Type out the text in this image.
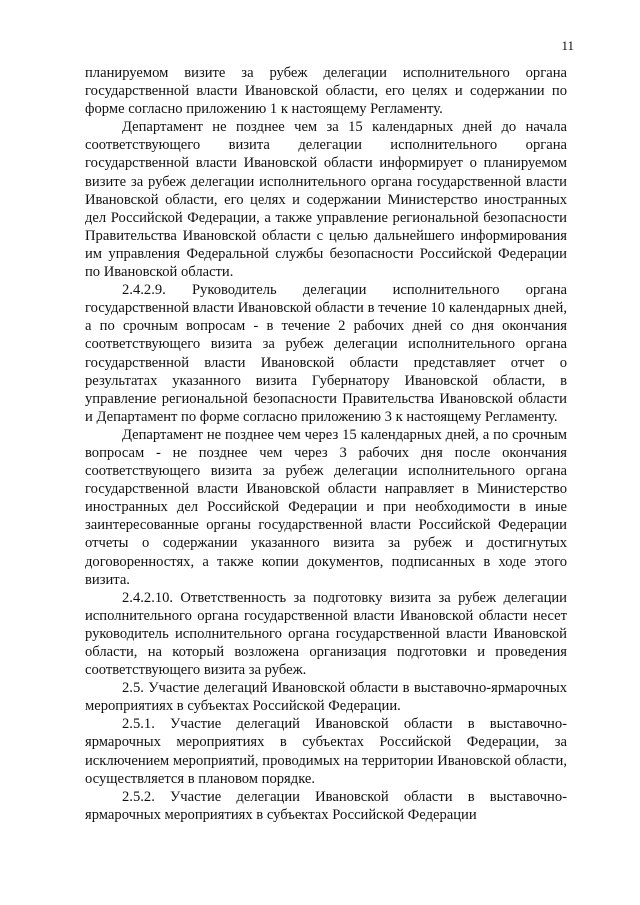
11

планируемом визите за рубеж делегации исполнительного органа государственной власти Ивановской области, его целях и содержании по форме согласно приложению 1 к настоящему Регламенту.

Департамент не позднее чем за 15 календарных дней до начала соответствующего визита делегации исполнительного органа государственной власти Ивановской области информирует о планируемом визите за рубеж делегации исполнительного органа государственной власти Ивановской области, его целях и содержании Министерство иностранных дел Российской Федерации, а также управление региональной безопасности Правительства Ивановской области с целью дальнейшего информирования им управления Федеральной службы безопасности Российской Федерации по Ивановской области.

2.4.2.9. Руководитель делегации исполнительного органа государственной власти Ивановской области в течение 10 календарных дней, а по срочным вопросам - в течение 2 рабочих дней со дня окончания соответствующего визита за рубеж делегации исполнительного органа государственной власти Ивановской области представляет отчет о результатах указанного визита Губернатору Ивановской области, в управление региональной безопасности Правительства Ивановской области и Департамент по форме согласно приложению 3 к настоящему Регламенту.

Департамент не позднее чем через 15 календарных дней, а по срочным вопросам - не позднее чем через 3 рабочих дня после окончания соответствующего визита за рубеж делегации исполнительного органа государственной власти Ивановской области направляет в Министерство иностранных дел Российской Федерации и при необходимости в иные заинтересованные органы государственной власти Российской Федерации отчеты о содержании указанного визита за рубеж и достигнутых договоренностях, а также копии документов, подписанных в ходе этого визита.

2.4.2.10. Ответственность за подготовку визита за рубеж делегации исполнительного органа государственной власти Ивановской области несет руководитель исполнительного органа государственной власти Ивановской области, на который возложена организация подготовки и проведения соответствующего визита за рубеж.

2.5. Участие делегаций Ивановской области в выставочно-ярмарочных мероприятиях в субъектах Российской Федерации.

2.5.1. Участие делегаций Ивановской области в выставочно-ярмарочных мероприятиях в субъектах Российской Федерации, за исключением мероприятий, проводимых на территории Ивановской области, осуществляется в плановом порядке.

2.5.2. Участие делегации Ивановской области в выставочно-ярмарочных мероприятиях в субъектах Российской Федерации
